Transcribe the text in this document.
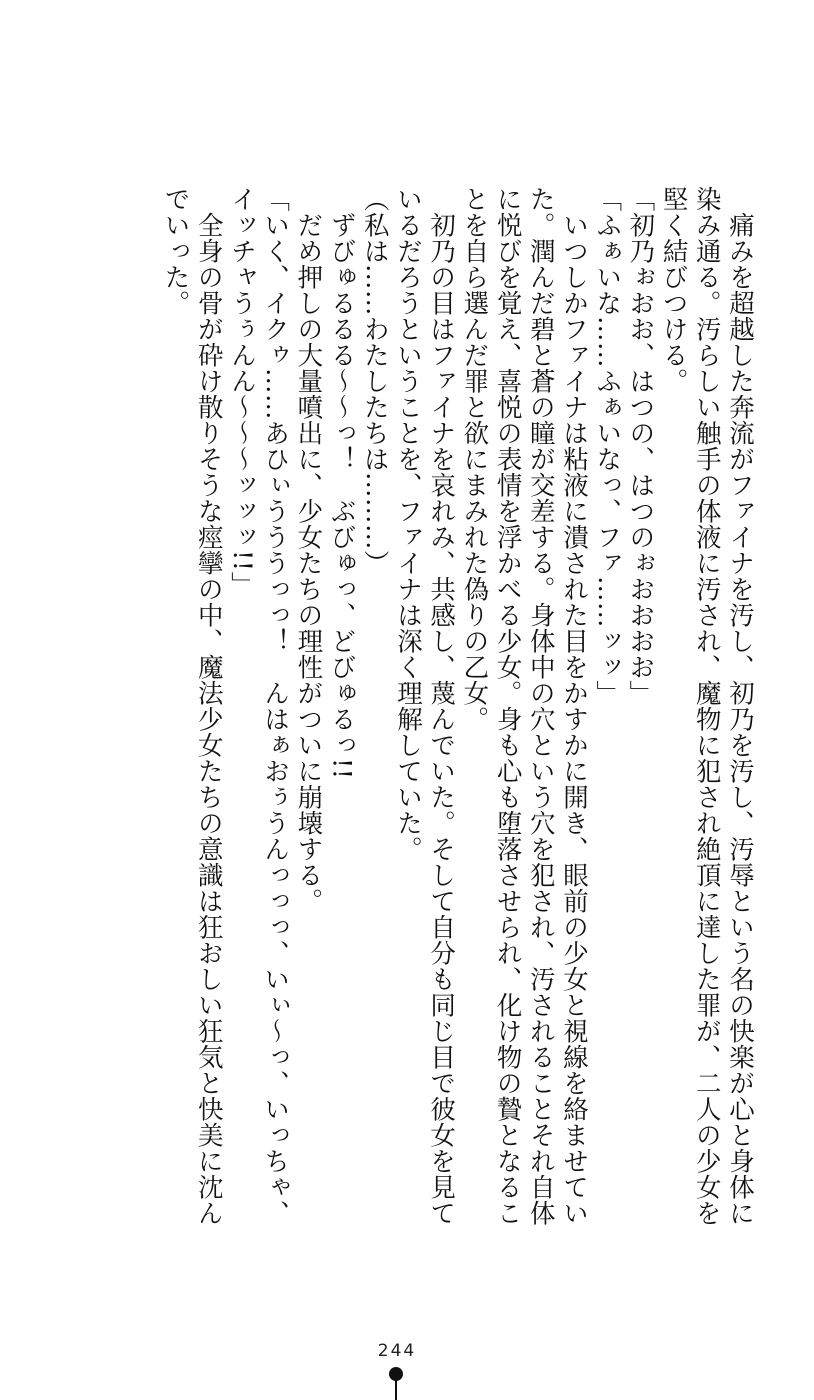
　痛みを超越した奔流がファイナを汚し、初乃を汚し、汚辱という名の快楽が心と身体に
染み通る。汚らしい触手の体液に汚され、魔物に犯され絶頂に達した罪が、二人の少女を
堅く結びつける。
「初乃ぉおお、はつの、はつのぉおおおお」
「ふぁいな……ふぁいなっ、ファ……ッッ」
　いつしかファイナは粘液に潰された目をかすかに開き、眼前の少女と視線を絡ませてい
た。潤んだ碧と蒼の瞳が交差する。身体中の穴という穴を犯され、汚されることそれ自体
に悦びを覚え、喜悦の表情を浮かべる少女。身も心も堕落させられ、化け物の贄となるこ
とを自ら選んだ罪と欲にまみれた偽りの乙女。
　初乃の目はファイナを哀れみ、共感し、蔑んでいた。そして自分も同じ目で彼女を見て
いるだろうということを、ファイナは深く理解していた。
（私は……わたしたちは………）
　ずびゅるるる～～っ！　ぶびゅっ、どびゅるっ!!
　だめ押しの大量噴出に、少女たちの理性がついに崩壊する。
「いく、イクゥ……あひぃうううっっ！　んはぁおぅうんっっっ、いぃ～っ、いっちゃ、
イッチャうぅんん～～～ッッッ!!」
　全身の骨が砕け散りそうな痙攣の中、魔法少女たちの意識は狂おしい狂気と快美に沈ん
でいった。
244
